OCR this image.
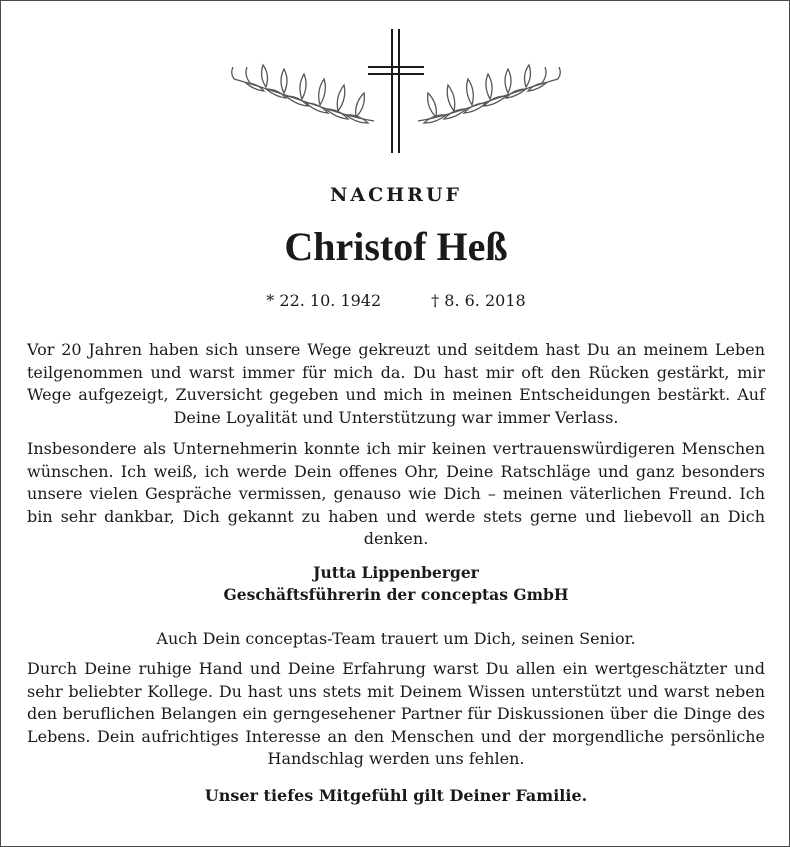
NACHRUF
Christof Heß
* 22. 10. 1942	† 8. 6. 2018

Vor 20 Jahren haben sich unsere Wege gekreuzt und seitdem hast Du an meinem Leben teilgenommen und warst immer für mich da. Du hast mir oft den Rücken gestärkt, mir Wege aufgezeigt, Zuversicht gegeben und mich in meinen Entscheidungen bestärkt. Auf Deine Loyalität und Unterstützung war immer Verlass.

Insbesondere als Unternehmerin konnte ich mir keinen vertrauenswürdigeren Menschen wünschen. Ich weiß, ich werde Dein offenes Ohr, Deine Ratschläge und ganz besonders unsere vielen Gespräche vermissen, genauso wie Dich – meinen väterlichen Freund. Ich bin sehr dankbar, Dich gekannt zu haben und werde stets gerne und liebevoll an Dich denken.

Jutta Lippenberger

Geschäftsführerin der conceptas GmbH

Auch Dein conceptas-Team trauert um Dich, seinen Senior.

Durch Deine ruhige Hand und Deine Erfahrung warst Du allen ein wertgeschätzter und sehr beliebter Kollege. Du hast uns stets mit Deinem Wissen unterstützt und warst neben den beruflichen Belangen ein gerngesehener Partner für Diskussionen über die Dinge des Lebens. Dein aufrichtiges Interesse an den Menschen und der morgendliche persönliche Handschlag werden uns fehlen.

Unser tiefes Mitgefühl gilt Deiner Familie.
